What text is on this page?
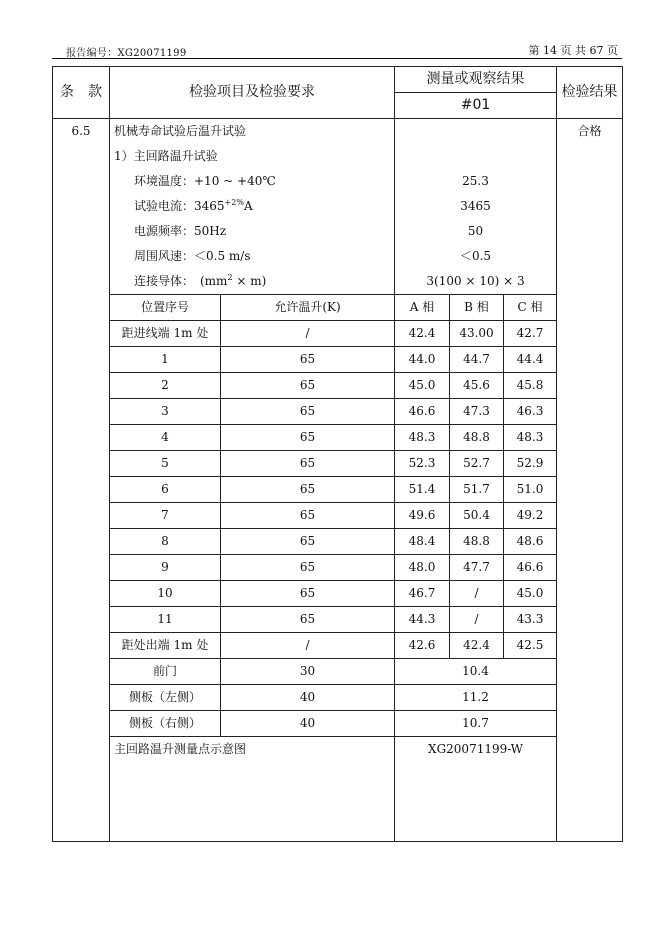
报告编号：XG20071199	第 14 页 共 67 页
条　款	检验项目及检验要求		测量或观察结果			检验结果
			#01			
6.5	机械寿命试验后温升试验					合格
	1）主回路温升试验					
	环境温度：+10 ~ +40℃		25.3			
	试验电流：$3465^{+2\%}A$		3465			
	电源频率：50Hz		50			
	周围风速：＜0.5 m/s		＜0.5			
	连接导体：　$(mm^2 \times m)$		3(100 × 10) × 3			
	位置序号	允许温升(K)	A 相	B 相	C 相	
	距进线端 1m 处	/	42.4	43.00	42.7	
	1	65	44.0	44.7	44.4	
	2	65	45.0	45.6	45.8	
	3	65	46.6	47.3	46.3	
	4	65	48.3	48.8	48.3	
	5	65	52.3	52.7	52.9	
	6	65	51.4	51.7	51.0	
	7	65	49.6	50.4	49.2	
	8	65	48.4	48.8	48.6	
	9	65	48.0	47.7	46.6	
	10	65	46.7	/	45.0	
	11	65	44.3	/	43.3	
	距处出端 1m 处	/	42.6	42.4	42.5	
	前门	30	10.4			
	侧板（左侧）	40	11.2			
	侧板（右侧）	40	10.7			
	主回路温升测量点示意图		XG20071199-W			
